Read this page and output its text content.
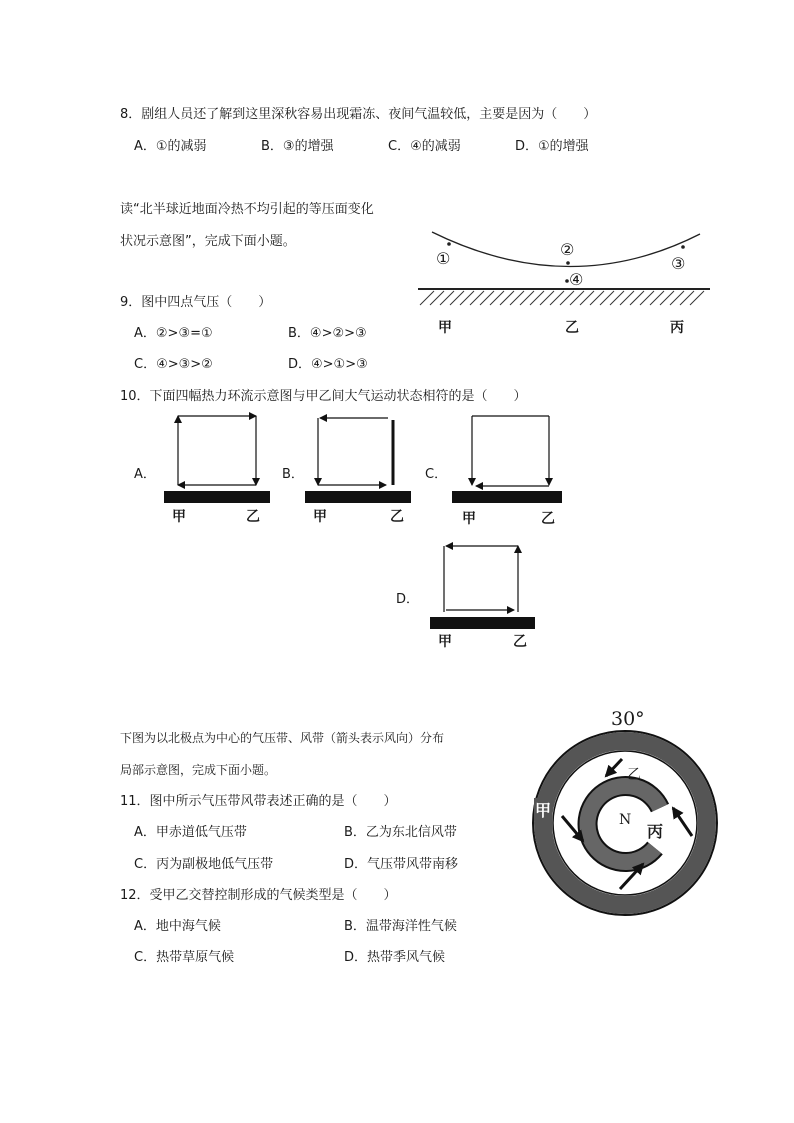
8．剧组人员还了解到这里深秋容易出现霜冻、夜间气温较低，主要是因为（　　）
A．①的减弱	B．③的增强	C．④的减弱	D．①的增强
读“北半球近地面冷热不均引起的等压面变化
状况示意图”，完成下面小题。
①	②
③
④
甲	乙	丙
9．图中四点气压（　　）
A．②>③=①	B．④>②>③
C．④>③>②	D．④>①>③
10．下面四幅热力环流示意图与甲乙间大气运动状态相符的是（　　）
A．	B．	C．
D．
甲	乙	甲	乙	甲	乙
甲	乙
下图为以北极点为中心的气压带、风带（箭头表示风向）分布
局部示意图，完成下面小题。
30°
N
甲
乙
丙
11．图中所示气压带风带表述正确的是（　　）
A．甲赤道低气压带	B．乙为东北信风带
C．丙为副极地低气压带	D．气压带风带南移
12．受甲乙交替控制形成的气候类型是（　　）
A．地中海气候	B．温带海洋性气候
C．热带草原气候	D．热带季风气候
